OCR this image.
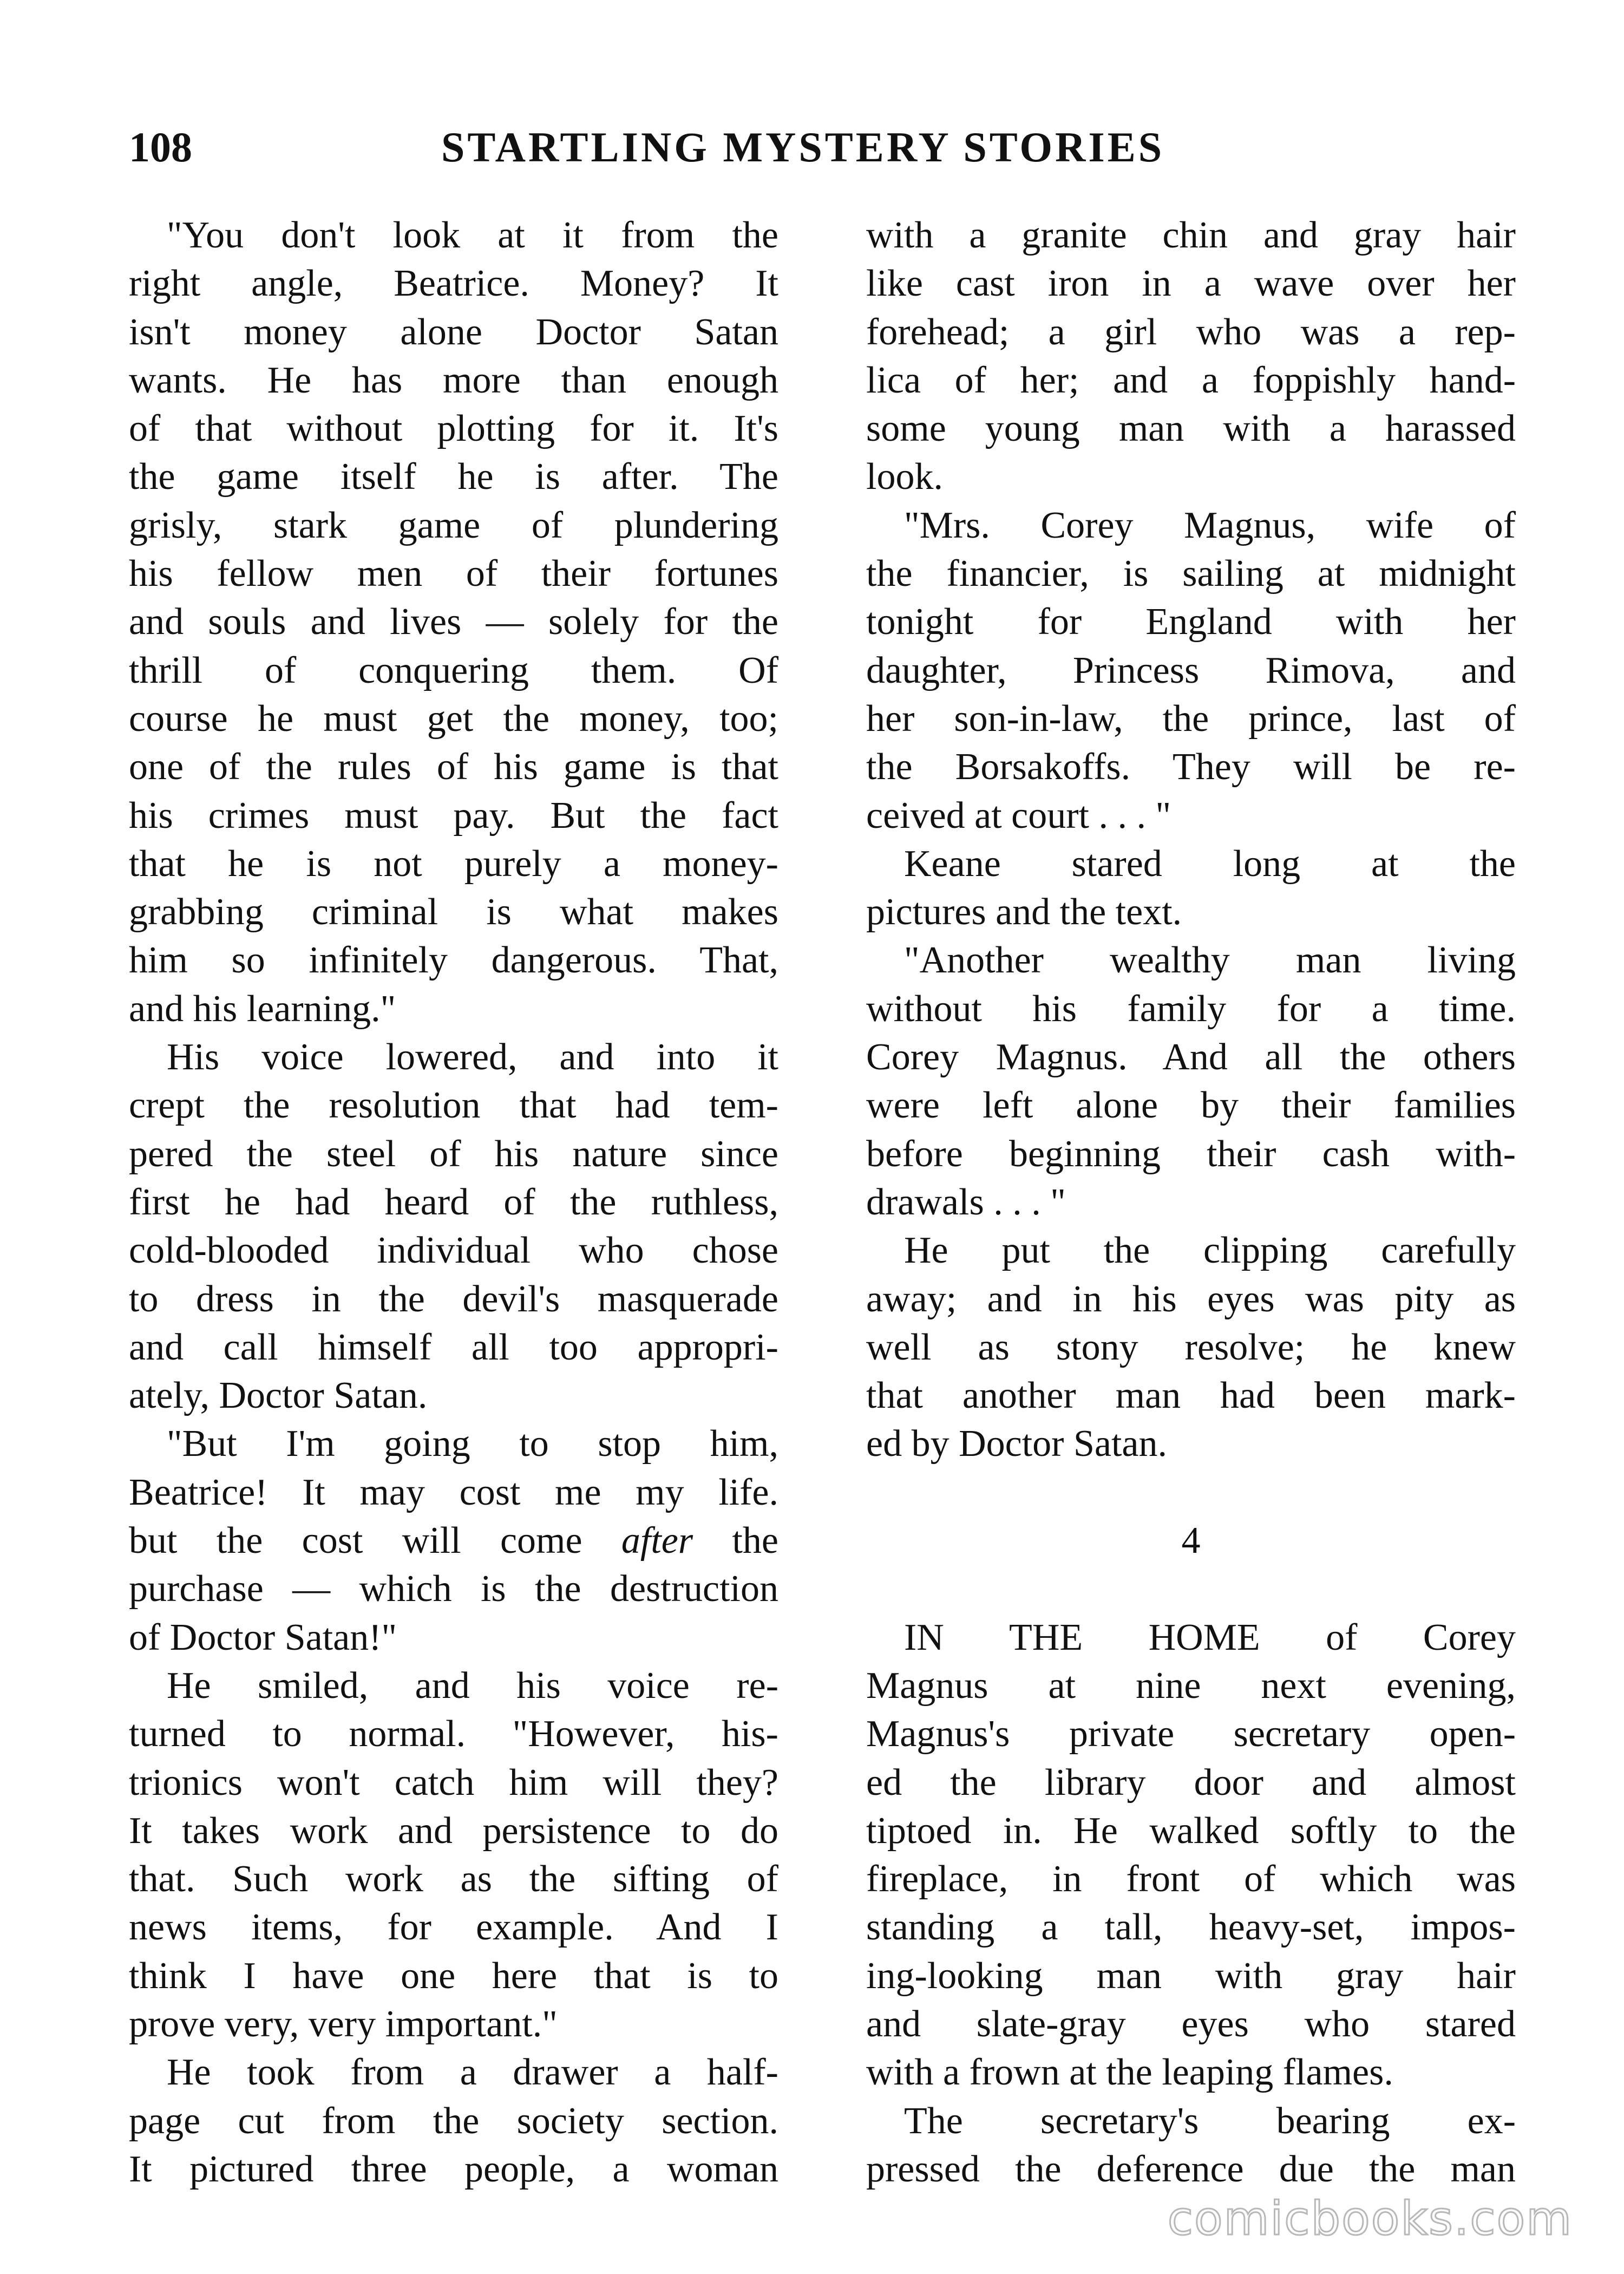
108	STARTLING MYSTERY STORIES
"You don't look at it from the
right angle, Beatrice. Money? It
isn't money alone Doctor Satan
wants. He has more than enough
of that without plotting for it. It's
the game itself he is after. The
grisly, stark game of plundering
his fellow men of their fortunes
and souls and lives — solely for the
thrill of conquering them. Of
course he must get the money, too;
one of the rules of his game is that
his crimes must pay. But the fact
that he is not purely a money-
grabbing criminal is what makes
him so infinitely dangerous. That,
and his learning."
His voice lowered, and into it
crept the resolution that had tem-
pered the steel of his nature since
first he had heard of the ruthless,
cold-blooded individual who chose
to dress in the devil's masquerade
and call himself all too appropri-
ately, Doctor Satan.
"But I'm going to stop him,
Beatrice! It may cost me my life.
but the cost will come after the
purchase — which is the destruction
of Doctor Satan!"
He smiled, and his voice re-
turned to normal. "However, his-
trionics won't catch him will they?
It takes work and persistence to do
that. Such work as the sifting of
news items, for example. And I
think I have one here that is to
prove very, very important."
He took from a drawer a half-
page cut from the society section.
It pictured three people, a woman
with a granite chin and gray hair
like cast iron in a wave over her
forehead; a girl who was a rep-
lica of her; and a foppishly hand-
some young man with a harassed
look.
"Mrs. Corey Magnus, wife of
the financier, is sailing at midnight
tonight for England with her
daughter, Princess Rimova, and
her son-in-law, the prince, last of
the Borsakoffs. They will be re-
ceived at court . . . "
Keane stared long at the
pictures and the text.
"Another wealthy man living
without his family for a time.
Corey Magnus. And all the others
were left alone by their families
before beginning their cash with-
drawals . . . "
He put the clipping carefully
away; and in his eyes was pity as
well as stony resolve; he knew
that another man had been mark-
ed by Doctor Satan.
4
IN THE HOME of Corey
Magnus at nine next evening,
Magnus's private secretary open-
ed the library door and almost
tiptoed in. He walked softly to the
fireplace, in front of which was
standing a tall, heavy-set, impos-
ing-looking man with gray hair
and slate-gray eyes who stared
with a frown at the leaping flames.
The secretary's bearing ex-
pressed the deference due the man
comicbooks.com
